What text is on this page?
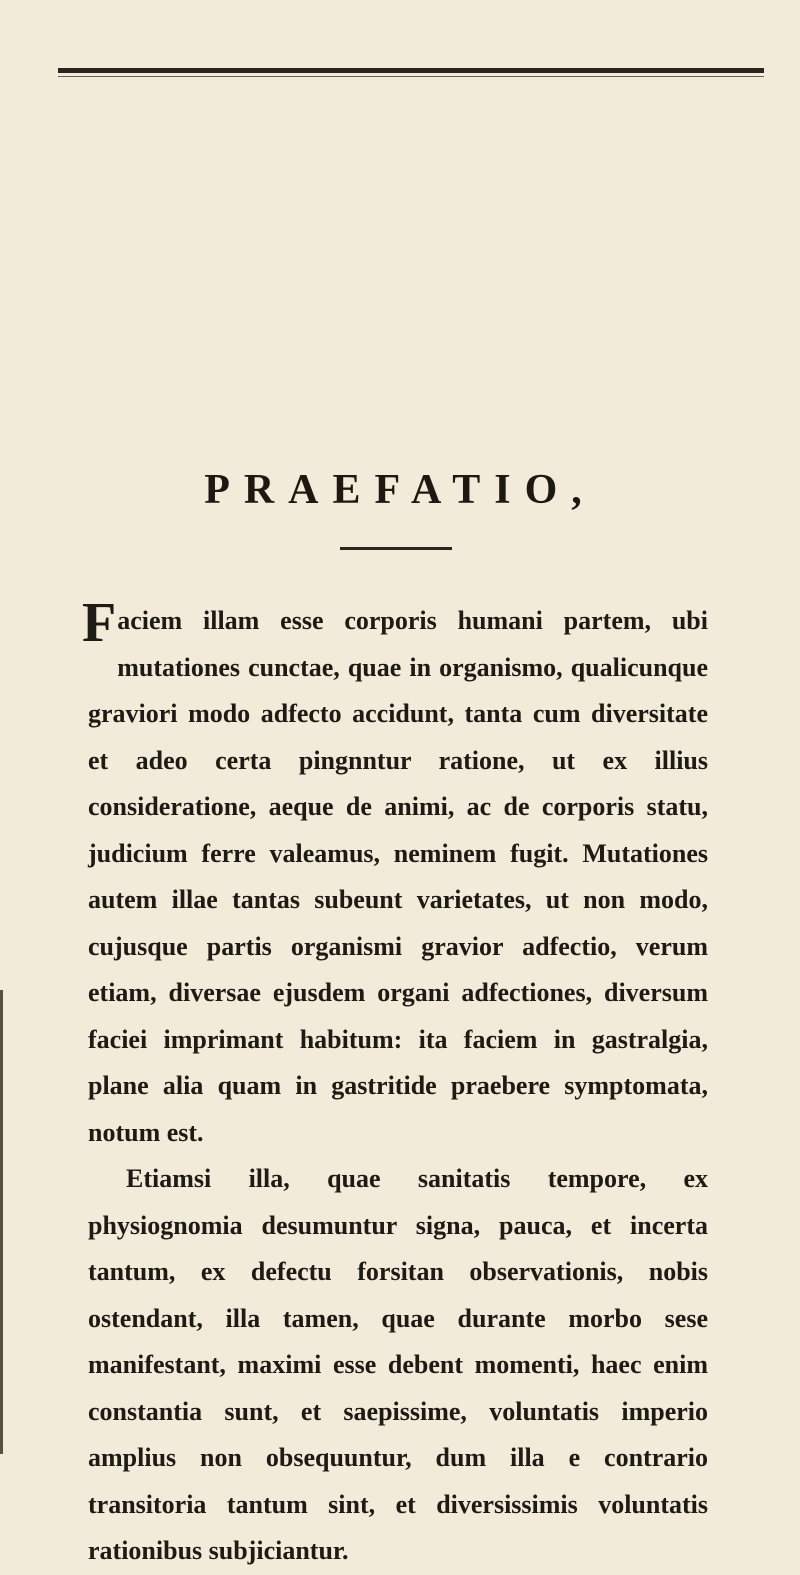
PRAEFATIO,

Faciem illam esse corporis humani partem, ubi mutationes cunctae, quae in organismo, qualicunque graviori modo adfecto accidunt, tanta cum diversitate et adeo certa pingnntur ratione, ut ex illius consideratione, aeque de animi, ac de corporis statu, judicium ferre valeamus, neminem fugit. Mutationes autem illae tantas subeunt varietates, ut non modo, cujusque partis organismi gravior adfectio, verum etiam, diversae ejusdem organi adfectiones, diversum faciei imprimant habitum: ita faciem in gastralgia, plane alia quam in gastritide praebere symptomata, notum est.

Etiamsi illa, quae sanitatis tempore, ex physiognomia desumuntur signa, pauca, et incerta tantum, ex defectu forsitan observationis, nobis ostendant, illa tamen, quae durante morbo sese manifestant, maximi esse debent momenti, haec enim constantia sunt, et saepissime, voluntatis imperio amplius non obsequuntur, dum illa e contrario transitoria tantum sint, et diversissimis voluntatis rationibus subjiciantur.
